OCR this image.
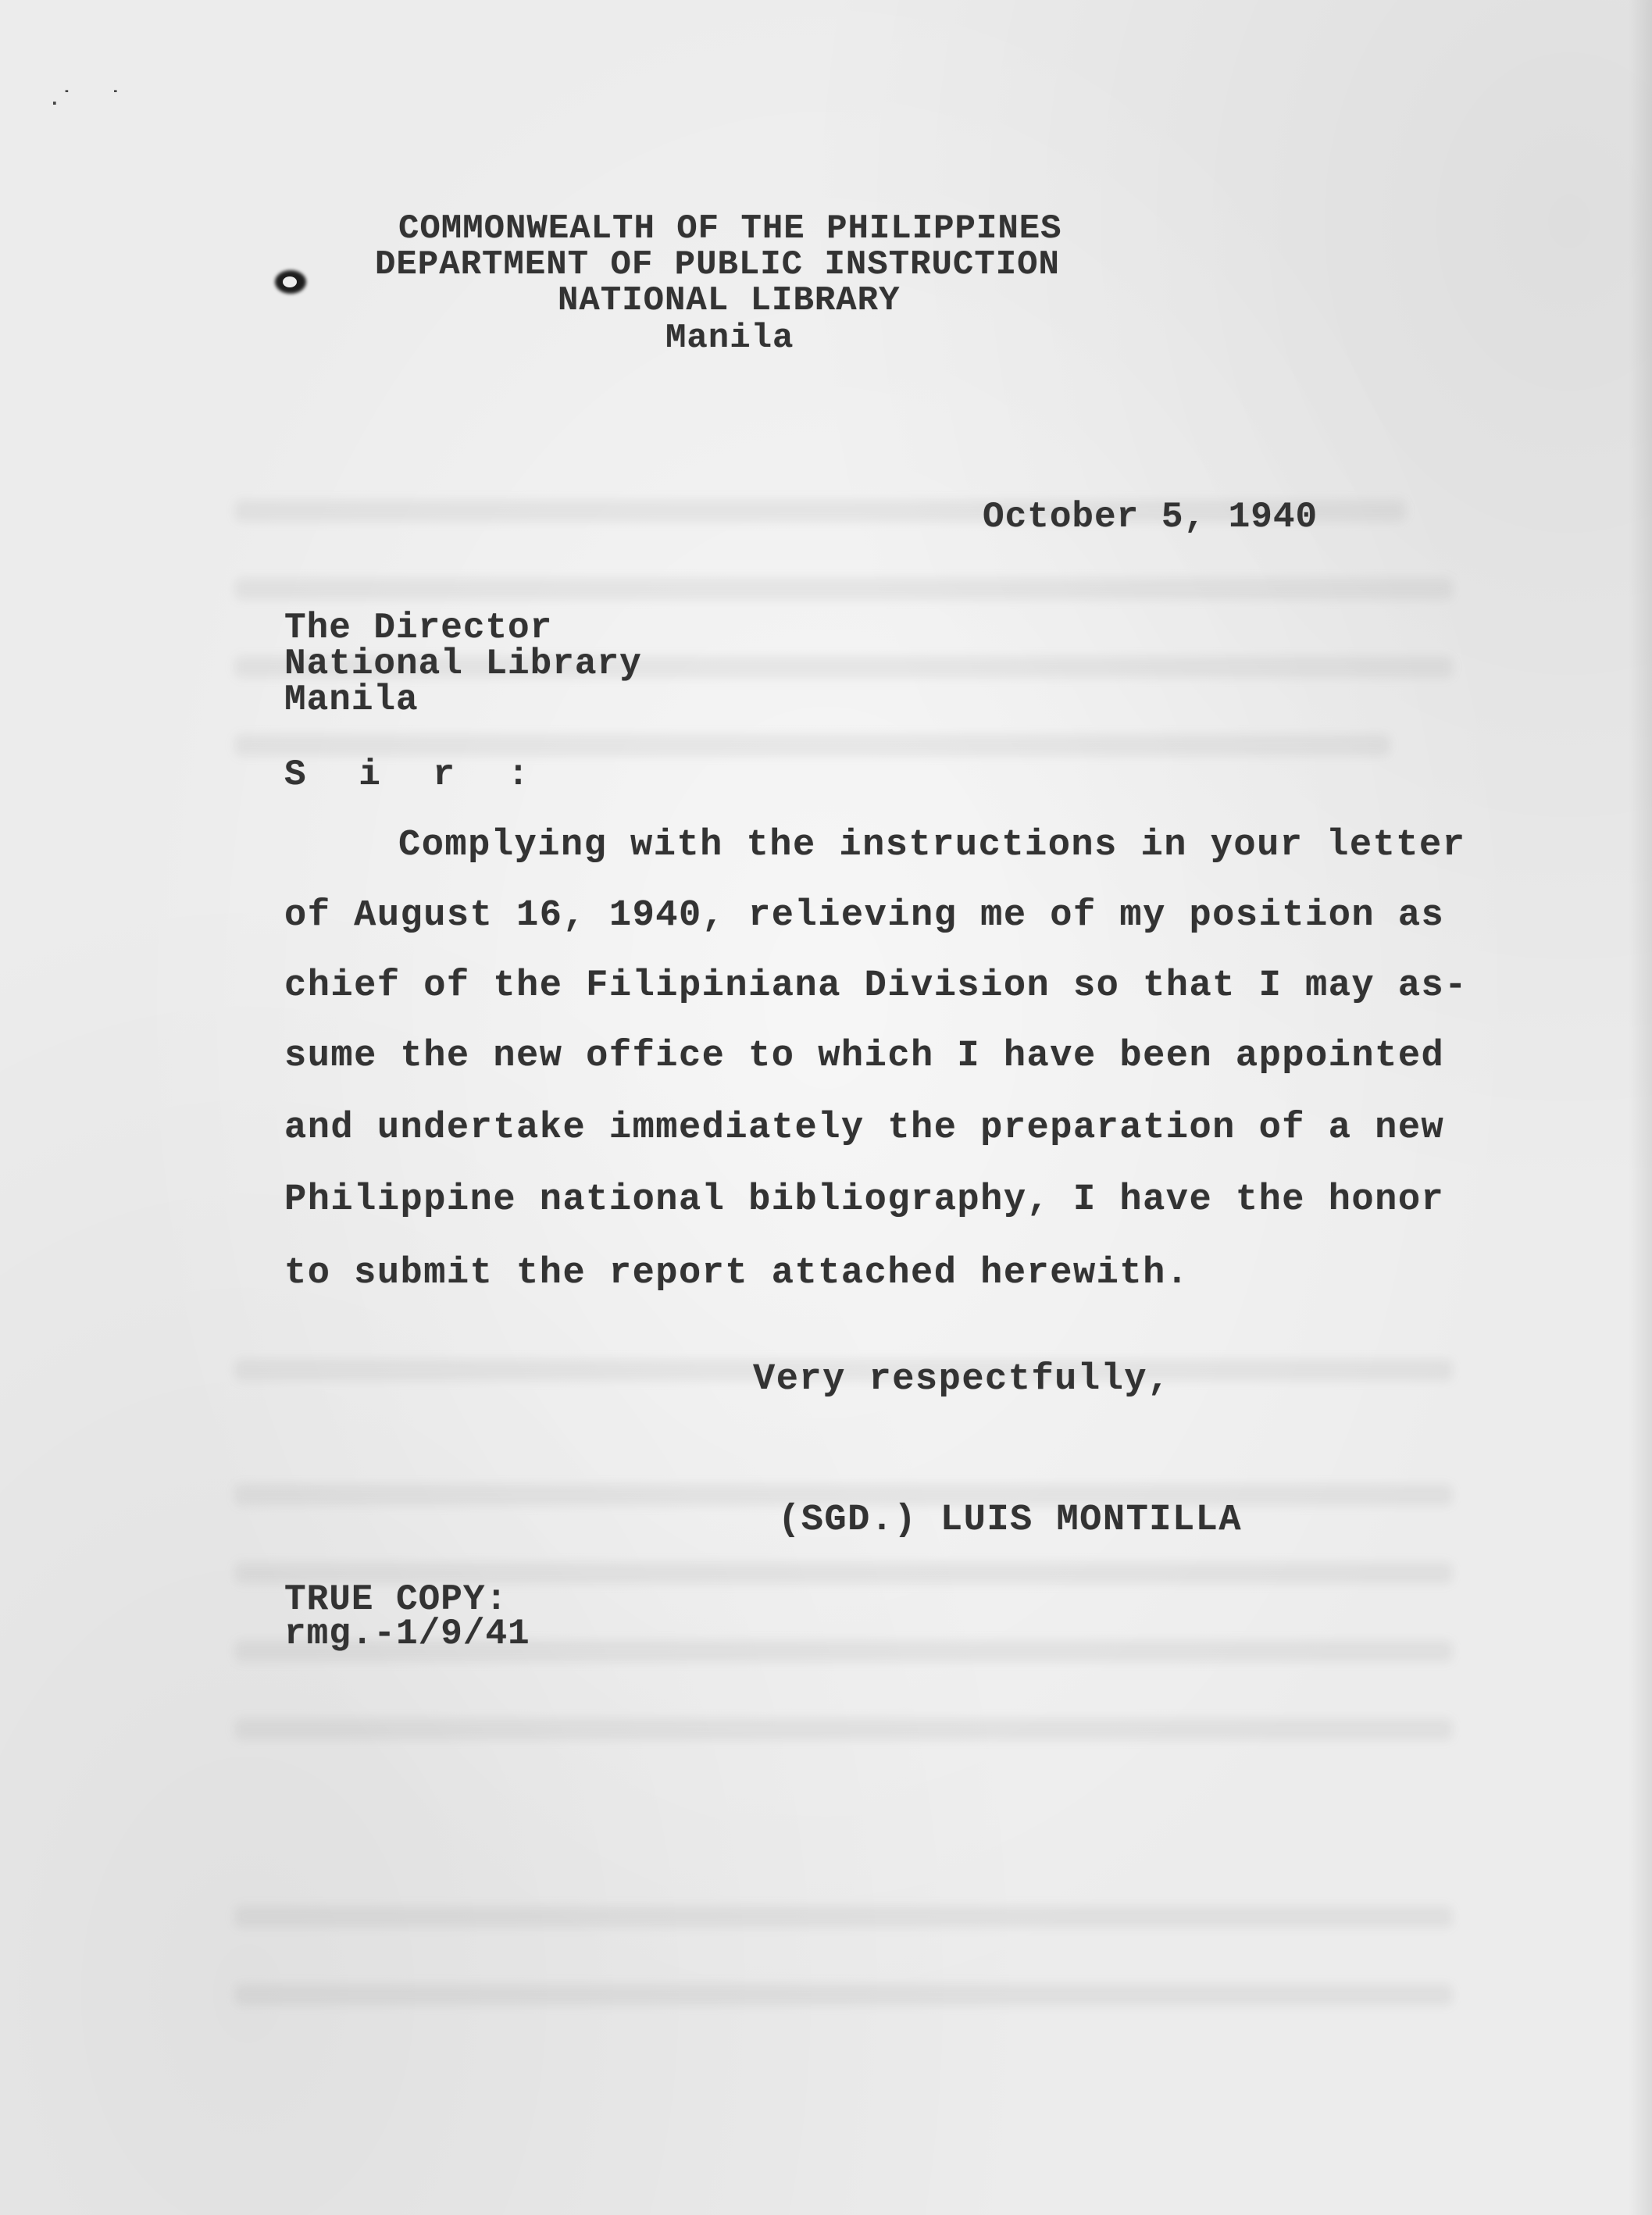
.˙   ˙
COMMONWEALTH OF THE PHILIPPINES
DEPARTMENT OF PUBLIC INSTRUCTION
NATIONAL LIBRARY
Manila
October 5, 1940
The Director
National Library
Manila
S i r :
Complying with the instructions in your letter
of August 16, 1940, relieving me of my position as
chief of the Filipiniana Division so that I may as-
sume the new office to which I have been appointed
and undertake immediately the preparation of a new
Philippine national bibliography, I have the honor
to submit the report attached herewith.
Very respectfully,
(SGD.) LUIS MONTILLA
TRUE COPY:
rmg.-1/9/41
